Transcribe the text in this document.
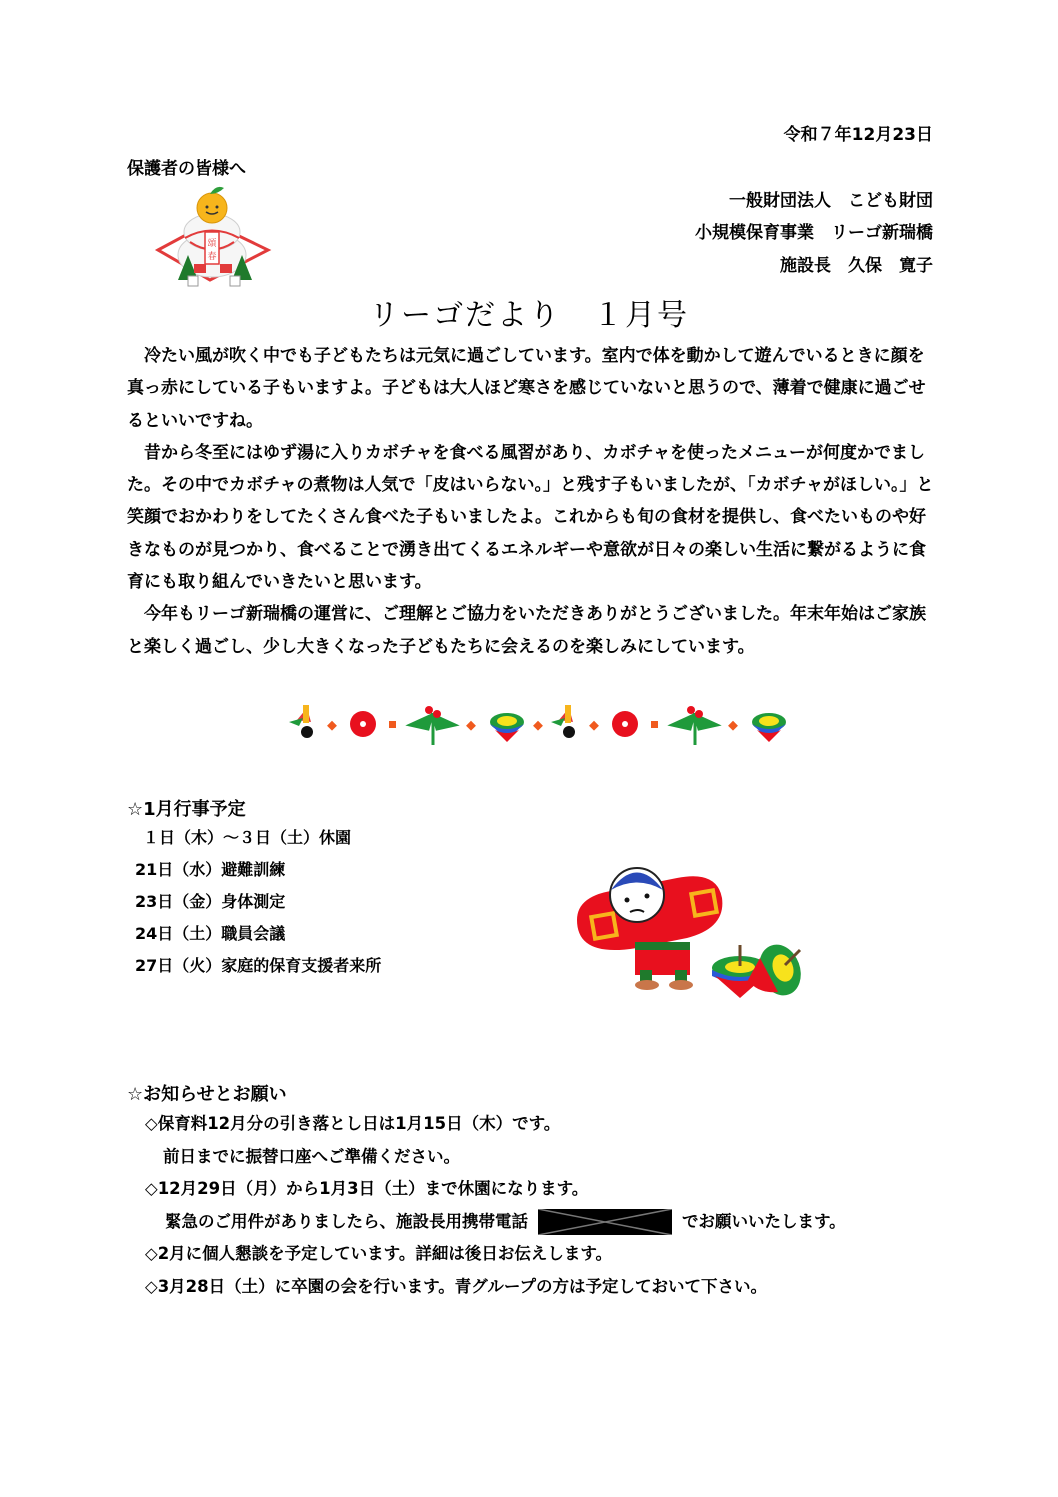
令和７年12月23日
保護者の皆様へ
一般財団法人　こども財団
小規模保育事業　リーゴ新瑞橋
施設長　久保　寛子
頌
春
リーゴだより　１月号

冷たい風が吹く中でも子どもたちは元気に過ごしています。室内で体を動かして遊んでいるときに顔を真っ赤にしている子もいますよ。子どもは大人ほど寒さを感じていないと思うので、薄着で健康に過ごせるといいですね。

昔から冬至にはゆず湯に入りカボチャを食べる風習があり、カボチャを使ったメニューが何度かでました。その中でカボチャの煮物は人気で「皮はいらない。」と残す子もいましたが、「カボチャがほしい。」と笑顔でおかわりをしてたくさん食べた子もいましたよ。これからも旬の食材を提供し、食べたいものや好きなものが見つかり、食べることで湧き出てくるエネルギーや意欲が日々の楽しい生活に繋がるように食育にも取り組んでいきたいと思います。

今年もリーゴ新瑞橋の運営に、ご理解とご協力をいただきありがとうございました。年末年始はご家族と楽しく過ごし、少し大きくなった子どもたちに会えるのを楽しみにしています。

☆1月行事予定
１日（木）～３日（土）休園
21日（水）避難訓練
23日（金）身体測定
24日（土）職員会議
27日（火）家庭的保育支援者来所
☆お知らせとお願い
◇保育料12月分の引き落とし日は1月15日（木）です。
前日までに振替口座へご準備ください。
◇12月29日（月）から1月3日（土）まで休園になります。
緊急のご用件がありましたら、施設長用携帯電話	でお願いいたします。
◇2月に個人懇談を予定しています。詳細は後日お伝えします。
◇3月28日（土）に卒園の会を行います。青グループの方は予定しておいて下さい。
